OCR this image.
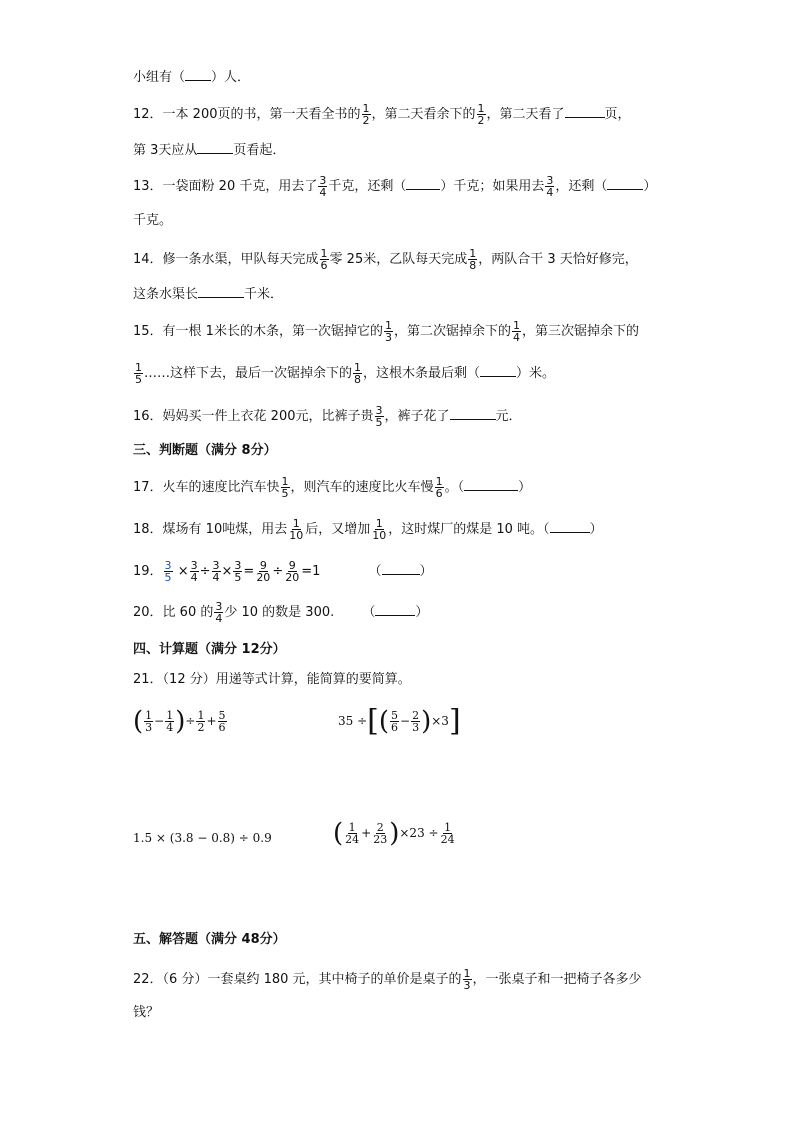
小组有（ ）人．
12．一本 200页的书，第一天看全书的 $\frac{1}{2}$ ，第二天看余下的 $\frac{1}{2}$ ，第二天看了	页，
第 3天应从	页看起．
13．一袋面粉 20 千克，用去了 $\frac{3}{4}$ 千克，还剩（	）千克；如果用去 $\frac{3}{4}$ ，还剩（	）
千克。
14．修一条水渠，甲队每天完成 $\frac{1}{6}$ 零 25米，乙队每天完成 $\frac{1}{8}$ ，两队合干 3 天恰好修完，
这条水渠长	千米．
15．有一根 1米长的木条，第一次锯掉它的 $\frac{1}{3}$ ，第二次锯掉余下的 $\frac{1}{4}$ ，第三次锯掉余下的
$\frac{1}{5}$ ……这样下去，最后一次锯掉余下的 $\frac{1}{8}$ ，这根木条最后剩（	）米。
16．妈妈买一件上衣花 200元，比裤子贵 $\frac{3}{5}$ ，裤子花了	元．
三、判断题（满分 8分）
17．火车的速度比汽车快 $\frac{1}{5}$ ，则汽车的速度比火车慢 $\frac{1}{6}$ 。（	）
18．煤场有 10吨煤，用去 $\frac{1}{10}$ 后，又增加 $\frac{1}{10}$ ，这时煤厂的煤是 10 吨。（	）
19． $\frac{3}{5} \times \frac{3}{4} \div \frac{3}{4} \times \frac{3}{5} = \frac{9}{20} \div \frac{9}{20} =1$	（	）
20．比 60 的 $\frac{3}{4}$ 少 10 的数是 300. （	）
四、计算题（满分 12分）
21．（12 分）用递等式计算，能简算的要简算。
( $\frac{1}{3} - \frac{1}{4}$ )÷ $\frac{1}{2} + \frac{5}{6}$	35 ÷[( $\frac{5}{6} - \frac{2}{3} )\times 3$]
1.5 × (3.8 − 0.8) ÷ 0.9 ( $\frac{1}{24} + \frac{2}{23} )\times 23 \div \frac{1}{24}$
五、解答题（满分 48分）
22．（6 分）一套桌约 180 元，其中椅子的单价是桌子的 $\frac{1}{3}$ ，一张桌子和一把椅子各多少
钱？
